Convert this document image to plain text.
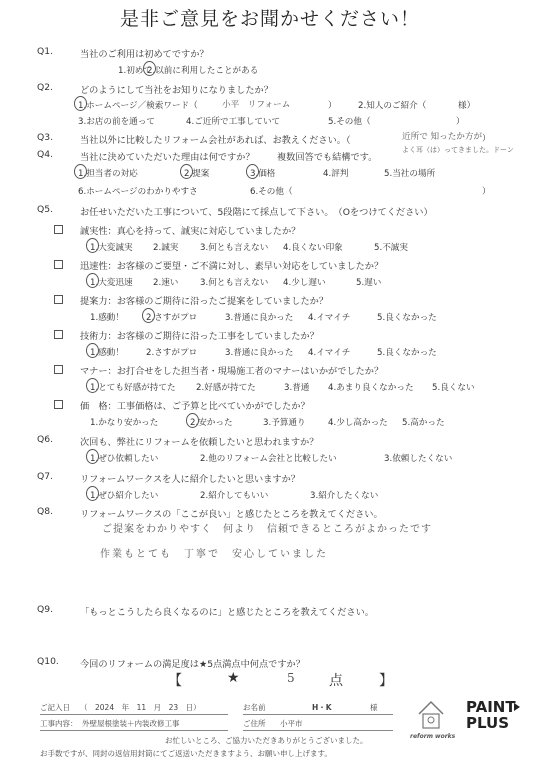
是非ご意見をお聞かせください！
Q1.	当社のご利用は初めてですか？
1.初めて
2.以前に利用したことがある
Q2.	どのようにして当社をお知りになりましたか？
1.ホームページ／検索ワード（	小平　リフォーム	） 2.知人のご紹介（	様）
3.お店の前を通って	4.ご近所で工事していて	5.その他（	）
Q3.	当社以外に比較したリフォーム会社があれば、お教えください。（	近所で 知ったか方が ）
よく耳（は）ってきました。ドーン
Q4.	当社に決めていただいた理由は何ですか？ 複数回答でも結構です。
1.担当者の対応	2.提案	3.価格	4.評判	5.当社の場所
6.ホームページのわかりやすさ	6.その他（	）
Q5.	お任せいただいた工事について、5段階にて採点して下さい。　（Oをつけてください）
誠実性：真心を持って、誠実に対応していましたか？
1.大変誠実 2.誠実	3.何とも言えない 4.良くない印象	5.不誠実
迅速性：お客様のご要望・ご不満に対し、素早い対応をしていましたか？
1.大変迅速 2.速い	3.何とも言えない 4.少し遅い	5.遅い
提案力：お客様のご期待に沿ったご提案をしていましたか？
1.感動！	2.さすがプロ	3.普通に良かった 4.イマイチ	5.良くなかった
技術力：お客様のご期待に沿った工事をしていましたか？
1.感動！	2.さすがプロ	3.普通に良かった 4.イマイチ	5.良くなかった
マナー：お打合せをした担当者・現場施工者のマナーはいかがでしたか？
1.とても好感が持てた 2.好感が持てた	3.普通 4.あまり良くなかった 5.良くない
価　格：工事価格は、ご予算と比べていかがでしたか？
1.かなり安かった	2.安かった	3.予算通り	4.少し高かった 5.高かった
Q6.	次回も、弊社にリフォームを依頼したいと思われますか？
1.ぜひ依頼したい	2.他のリフォーム会社と比較したい	3.依頼したくない
Q7.	リフォームワークスを人に紹介したいと思いますか？
1.ぜひ紹介したい	2.紹介してもいい	3.紹介したくない
Q8.	リフォームワークスの「ここが良い」と感じたところを教えてください。
ご提案をわかりやすく　何より　信頼できるところがよかったです
作業もとても　丁寧で　安心していました
Q9.	「もっとこうしたら良くなるのに」と感じたところを教えてください。
Q10. 今回のリフォームの満足度は★5点満点中何点ですか？
【	★	5 点	】
ご記入日 （　2024　年　11　月　23　日）
工事内容： 外壁屋根塗装＋内装改修工事
お名前	H・K	様
ご住所 小平市
お忙しいところ、ご協力いただきありがとうございました。
お手数ですが、同封の返信用封筒にてご返送いただきますよう、お願い申し上げます。
reform works
PAINT
PLUS
